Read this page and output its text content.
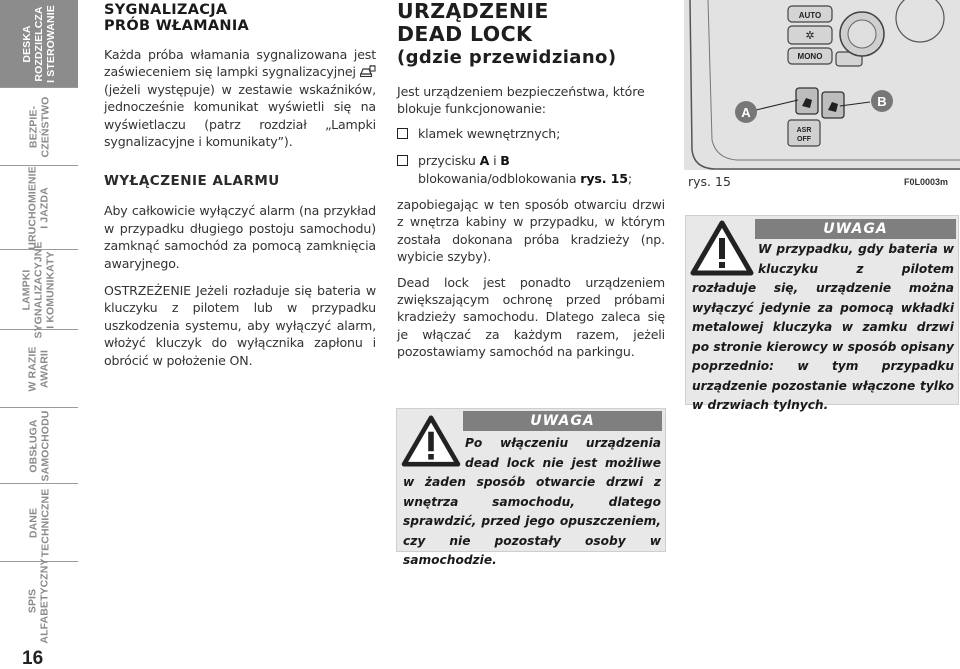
DESKA
ROZDZIELCZA
I STEROWANIE
BEZPIE-
CZEŃSTWO
URUCHOMIENIE
I JAZDA
LAMPKI
SYGNALIZACYJNE
I KOMUNIKATY
W RAZIE
AWARII
OBSŁUGA
SAMOCHODU
DANE
TECHNICZNE
SPIS
ALFABETYCZNY
16
SYGNALIZACJA
PRÓB WŁAMANIA

Każda próba włamania sygnalizowana jest zaświeceniem się lampki sygnalizacyjnej  (jeżeli występuje) w zestawie wskaźników, jednocześnie komunikat wyświetli się na wyświetlaczu (patrz rozdział „Lampki sygnalizacyjne i komunikaty”).

WYŁĄCZENIE ALARMU

Aby całkowicie wyłączyć alarm (na przykład w przypadku długiego postoju samochodu) zamknąć samochód za pomocą zamknięcia awaryjnego.

OSTRZEŻENIE Jeżeli rozładuje się bateria w kluczyku z pilotem lub w przypadku uszkodzenia systemu, aby wyłączyć alarm, włożyć kluczyk do wyłącznika zapłonu i obrócić w położenie ON.

URZĄDZENIE
DEAD LOCK
(gdzie przewidziano)

Jest urządzeniem bezpieczeństwa, które blokuje funkcjonowanie:

klamek wewnętrznych;
przycisku A i B blokowania/odblokowania rys. 15;

zapobiegając w ten sposób otwarciu drzwi z wnętrza kabiny w przypadku, w którym została dokonana próba kradzieży (np. wybicie szyby).

Dead lock jest ponadto urządzeniem zwiększającym ochronę przed próbami kradzieży samochodu. Dlatego zaleca się je włączać za każdym razem, jeżeli pozostawiamy samochód na parkingu.

AUTO
✲
MONO
ASR
OFF
A
B
rys. 15	F0L0003m
UWAGA
W przypadku, gdy bateria w kluczyku z pilotem rozładuje się, urządzenie można wyłączyć jedynie za pomocą wkładki metalowej kluczyka w zamku drzwi po stronie kierowcy w sposób opisany poprzednio: w tym przypadku urządzenie pozostanie włączone tylko w drzwiach tylnych.
UWAGA
Po włączeniu urządzenia dead lock nie jest możliwe w żaden sposób otwarcie drzwi z wnętrza samochodu, dlatego sprawdzić, przed jego opuszczeniem, czy nie pozostały osoby w samochodzie.
